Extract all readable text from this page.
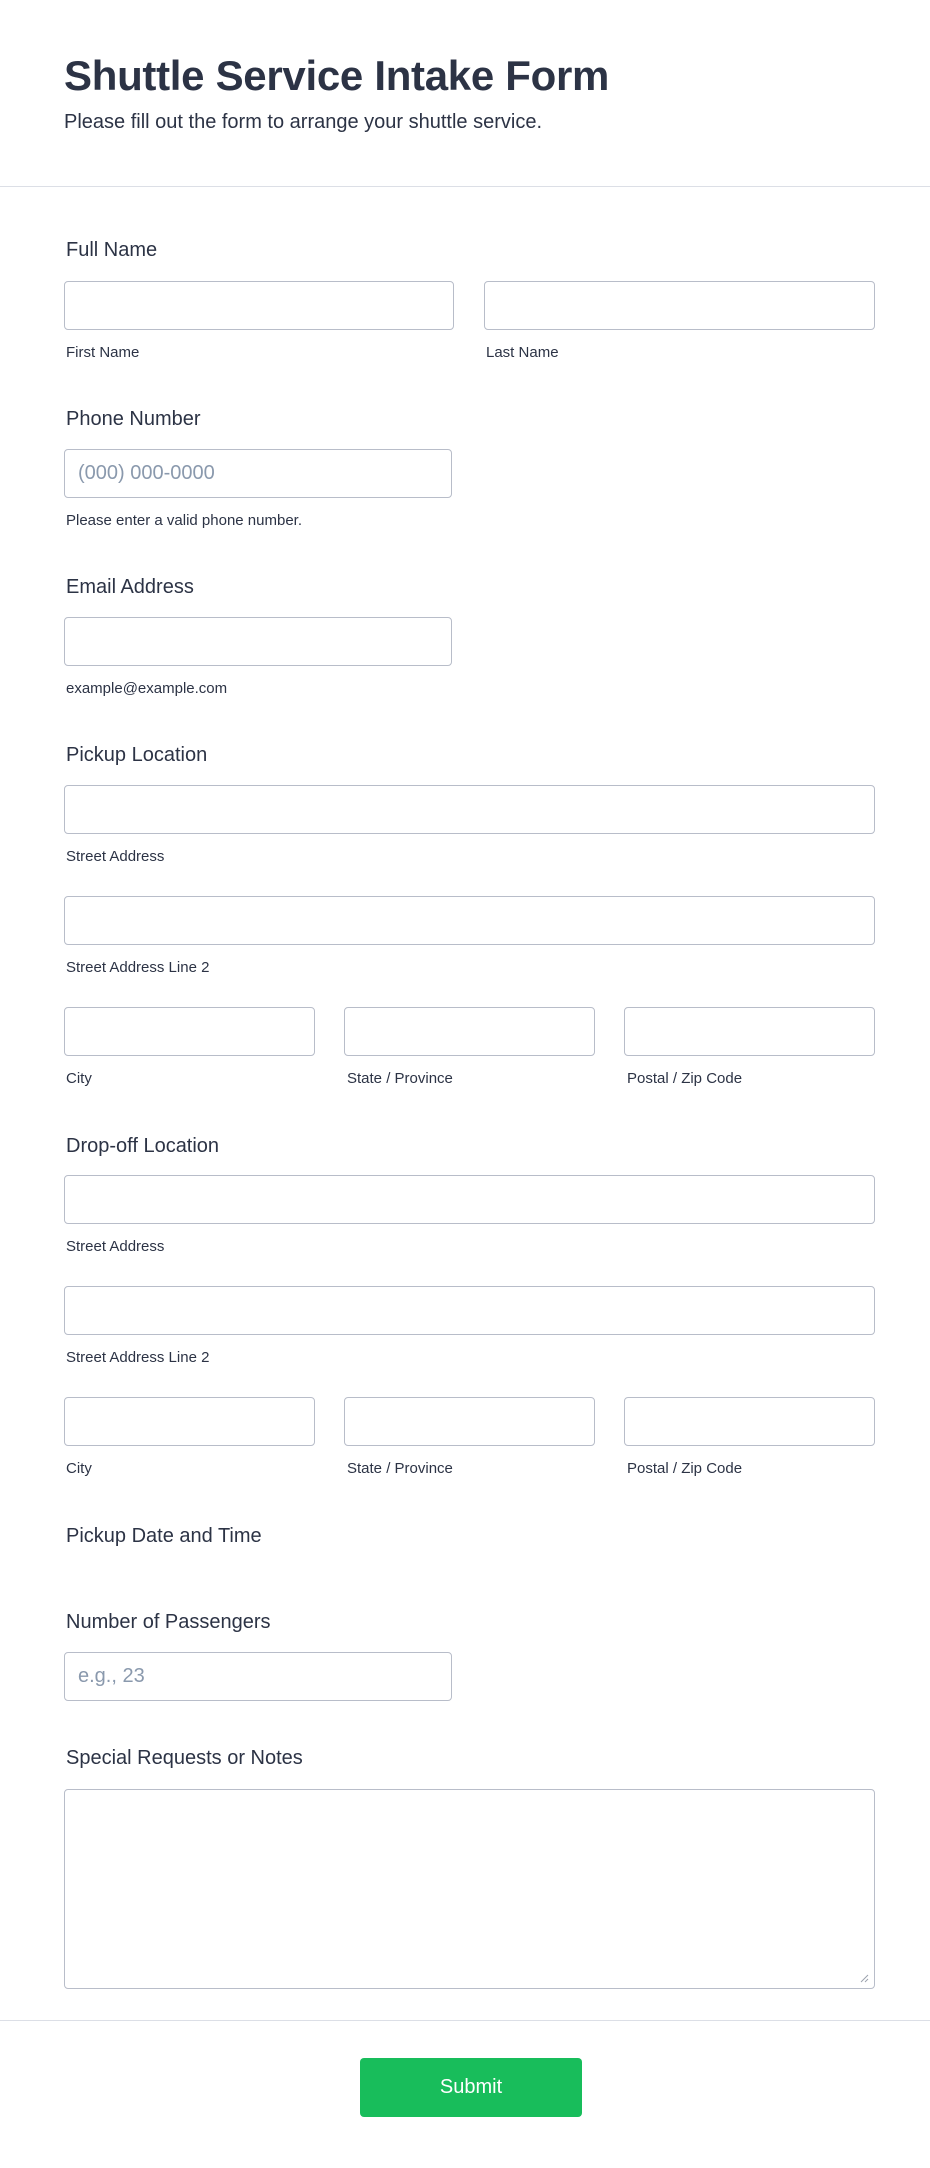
Shuttle Service Intake Form

Please fill out the form to arrange your shuttle service.

Full Name
First Name	Last Name
Phone Number
(000) 000-0000
Please enter a valid phone number.
Email Address
example@example.com
Pickup Location
Street Address
Street Address Line 2
City	State / Province	Postal / Zip Code
Drop-off Location
Street Address
Street Address Line 2
City	State / Province	Postal / Zip Code
Pickup Date and Time
Number of Passengers
e.g., 23
Special Requests or Notes
Submit
